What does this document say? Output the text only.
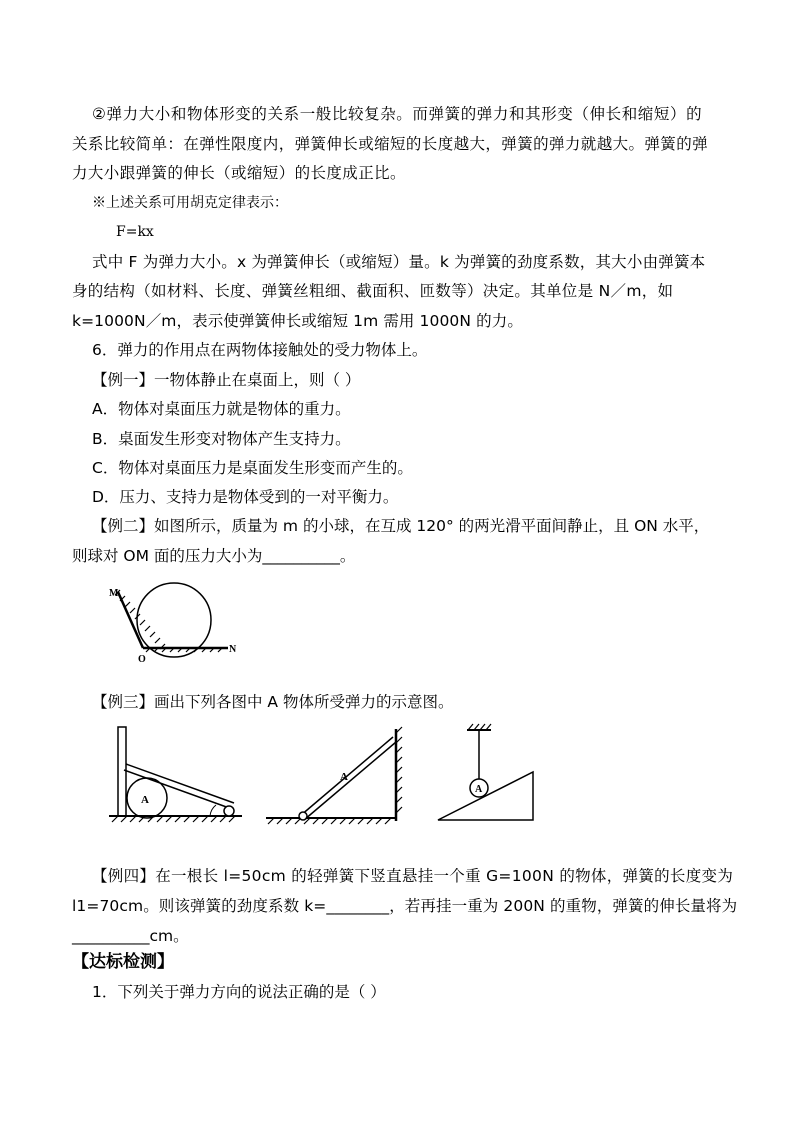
②弹力大小和物体形变的关系一般比较复杂。而弹簧的弹力和其形变（伸长和缩短）的
关系比较简单：在弹性限度内，弹簧伸长或缩短的长度越大，弹簧的弹力就越大。弹簧的弹
力大小跟弹簧的伸长（或缩短）的长度成正比。
※上述关系可用胡克定律表示：
F=kx
式中 F 为弹力大小。x 为弹簧伸长（或缩短）量。k 为弹簧的劲度系数，其大小由弹簧本
身的结构（如材料、长度、弹簧丝粗细、截面积、匝数等）决定。其单位是 N／m，如
k=1000N／m，表示使弹簧伸长或缩短 1m 需用 1000N 的力。
6．弹力的作用点在两物体接触处的受力物体上。
【例一】一物体静止在桌面上，则（ ）
A．物体对桌面压力就是物体的重力。
B．桌面发生形变对物体产生支持力。
C．物体对桌面压力是桌面发生形变而产生的。
D．压力、支持力是物体受到的一对平衡力。
【例二】如图所示，质量为 m 的小球，在互成 120° 的两光滑平面间静止，且 ON 水平，
则球对 OM 面的压力大小为__________。
M
O
N
【例三】画出下列各图中 A 物体所受弹力的示意图。
A
A
A
【例四】在一根长 l=50cm 的轻弹簧下竖直悬挂一个重 G=100N 的物体，弹簧的长度变为
l1=70cm。则该弹簧的劲度系数 k=________，若再挂一重为 200N 的重物，弹簧的伸长量将为
__________cm。
【达标检测】
1．下列关于弹力方向的说法正确的是（ ）
